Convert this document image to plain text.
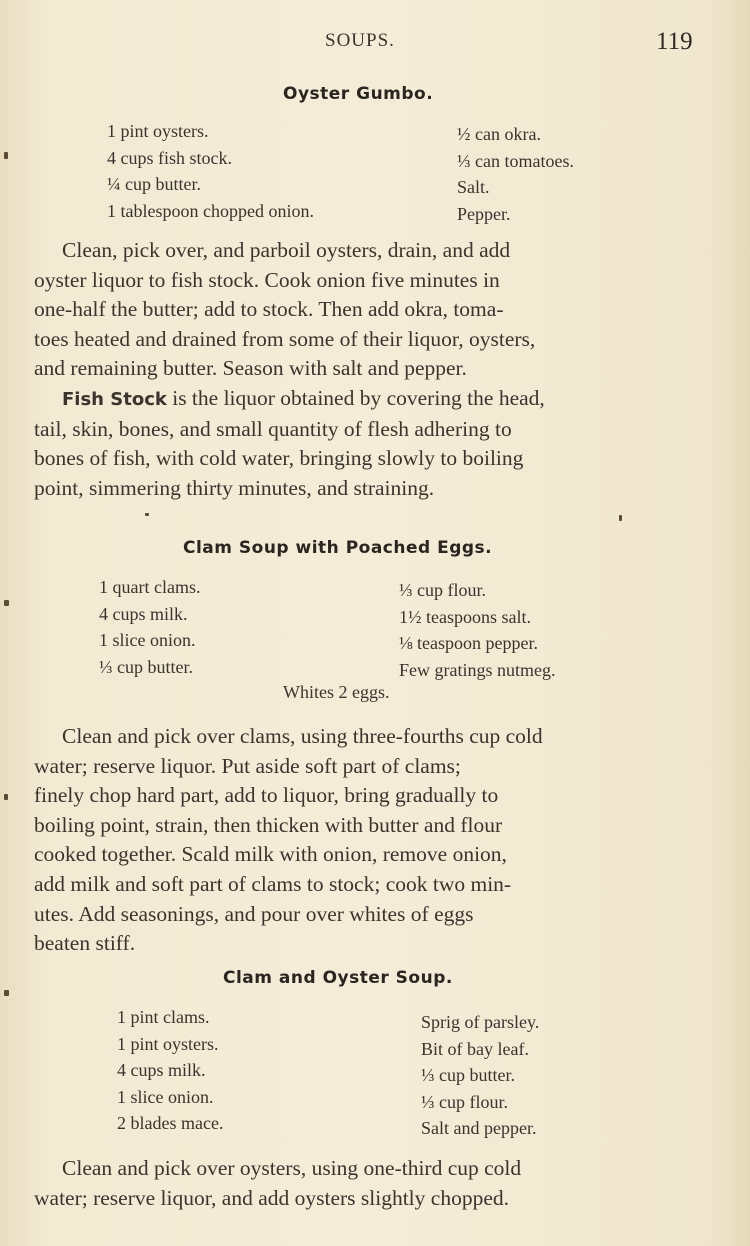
SOUPS.	119
Oyster Gumbo.
1 pint oysters.
4 cups fish stock.
¼ cup butter.
1 tablespoon chopped onion.
½ can okra.
⅓ can tomatoes.
Salt.
Pepper.
Clean, pick over, and parboil oysters, drain, and add
oyster liquor to fish stock. Cook onion five minutes in
one-half the butter; add to stock. Then add okra, toma-
toes heated and drained from some of their liquor, oysters,
and remaining butter. Season with salt and pepper.
Fish Stock is the liquor obtained by covering the head,
tail, skin, bones, and small quantity of flesh adhering to
bones of fish, with cold water, bringing slowly to boiling
point, simmering thirty minutes, and straining.
Clam Soup with Poached Eggs.
1 quart clams.
4 cups milk.
1 slice onion.
⅓ cup butter.
⅓ cup flour.
1½ teaspoons salt.
⅛ teaspoon pepper.
Few gratings nutmeg.
Whites 2 eggs.
Clean and pick over clams, using three-fourths cup cold
water; reserve liquor. Put aside soft part of clams;
finely chop hard part, add to liquor, bring gradually to
boiling point, strain, then thicken with butter and flour
cooked together. Scald milk with onion, remove onion,
add milk and soft part of clams to stock; cook two min-
utes. Add seasonings, and pour over whites of eggs
beaten stiff.
Clam and Oyster Soup.
1 pint clams.
1 pint oysters.
4 cups milk.
1 slice onion.
2 blades mace.
Sprig of parsley.
Bit of bay leaf.
⅓ cup butter.
⅓ cup flour.
Salt and pepper.
Clean and pick over oysters, using one-third cup cold
water; reserve liquor, and add oysters slightly chopped.
